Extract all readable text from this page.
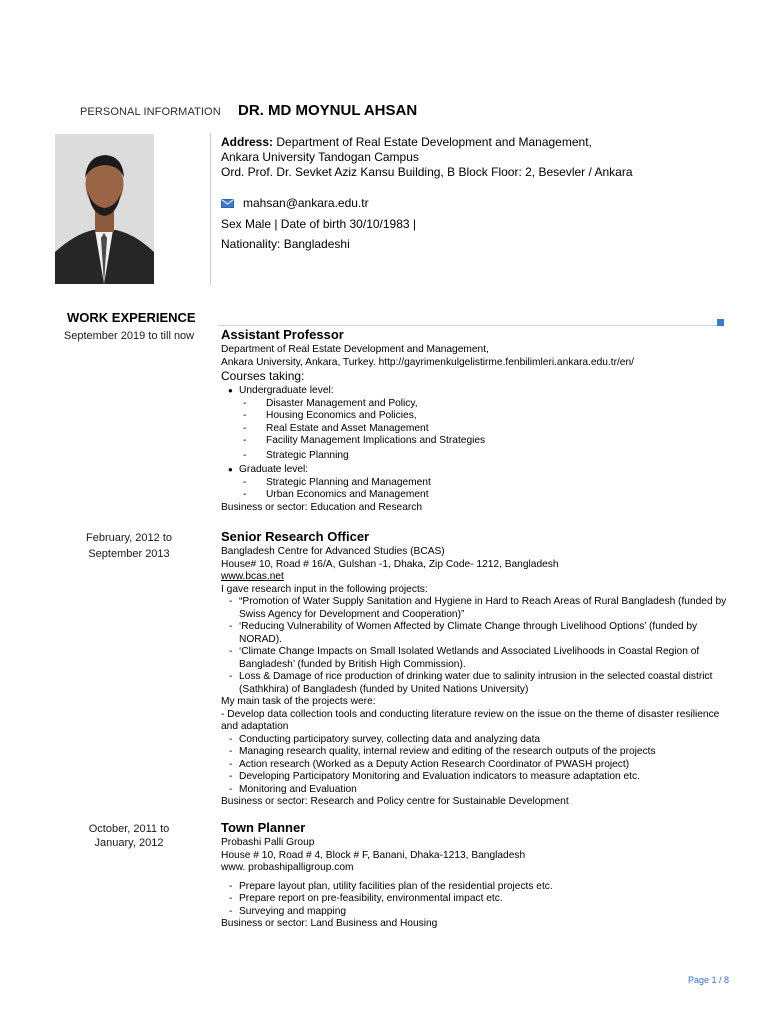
PERSONAL INFORMATION DR. MD MOYNUL AHSAN
Address: Department of Real Estate Development and Management,
Ankara University Tandogan Campus
Ord. Prof. Dr. Sevket Aziz Kansu Building, B Block Floor: 2, Besevler / Ankara
mahsan@ankara.edu.tr
Sex Male | Date of birth 30/10/1983 |
Nationality: Bangladeshi
WORK EXPERIENCE
September 2019 to till now Assistant Professor
Department of Real Estate Development and Management,
Ankara University, Ankara, Turkey. http://gayrimenkulgelistirme.fenbilimleri.ankara.edu.tr/en/
Courses taking:
● Undergraduate level:
- Disaster Management and Policy,
- Housing Economics and Policies,
- Real Estate and Asset Management
- Facility Management Implications and Strategies
- Strategic Planning
● Graduate level:
- Strategic Planning and Management
- Urban Economics and Management
Business or sector: Education and Research
February, 2012 to
September 2013
Senior Research Officer
Bangladesh Centre for Advanced Studies (BCAS)
House# 10, Road # 16/A, Gulshan -1, Dhaka, Zip Code- 1212, Bangladesh
www.bcas.net
I gave research input in the following projects:
- “Promotion of Water Supply Sanitation and Hygiene in Hard to Reach Areas of Rural Bangladesh (funded by Swiss Agency for Development and Cooperation)”
- ‘Reducing Vulnerability of Women Affected by Climate Change through Livelihood Options’ (funded by NORAD).
- ‘Climate Change Impacts on Small Isolated Wetlands and Associated Livelihoods in Coastal Region of Bangladesh’ (funded by British High Commission).
- Loss & Damage of rice production of drinking water due to salinity intrusion in the selected coastal district (Sathkhira) of Bangladesh (funded by United Nations University)
My main task of the projects were:
- Develop data collection tools and conducting literature review on the issue on the theme of disaster resilience and adaptation
- Conducting participatory survey, collecting data and analyzing data
- Managing research quality, internal review and editing of the research outputs of the projects
- Action research (Worked as a Deputy Action Research Coordinator of PWASH project)
- Developing Participatory Monitoring and Evaluation indicators to measure adaptation etc.
- Monitoring and Evaluation
Business or sector: Research and Policy centre for Sustainable Development
October, 2011 to
January, 2012
Town Planner
Probashi Palli Group
House # 10, Road # 4, Block # F, Banani, Dhaka-1213, Bangladesh
www. probashipalligroup.com
- Prepare layout plan, utility facilities plan of the residential projects etc.
- Prepare report on pre-feasibility, environmental impact etc.
- Surveying and mapping
Business or sector: Land Business and Housing
Page 1 / 8
